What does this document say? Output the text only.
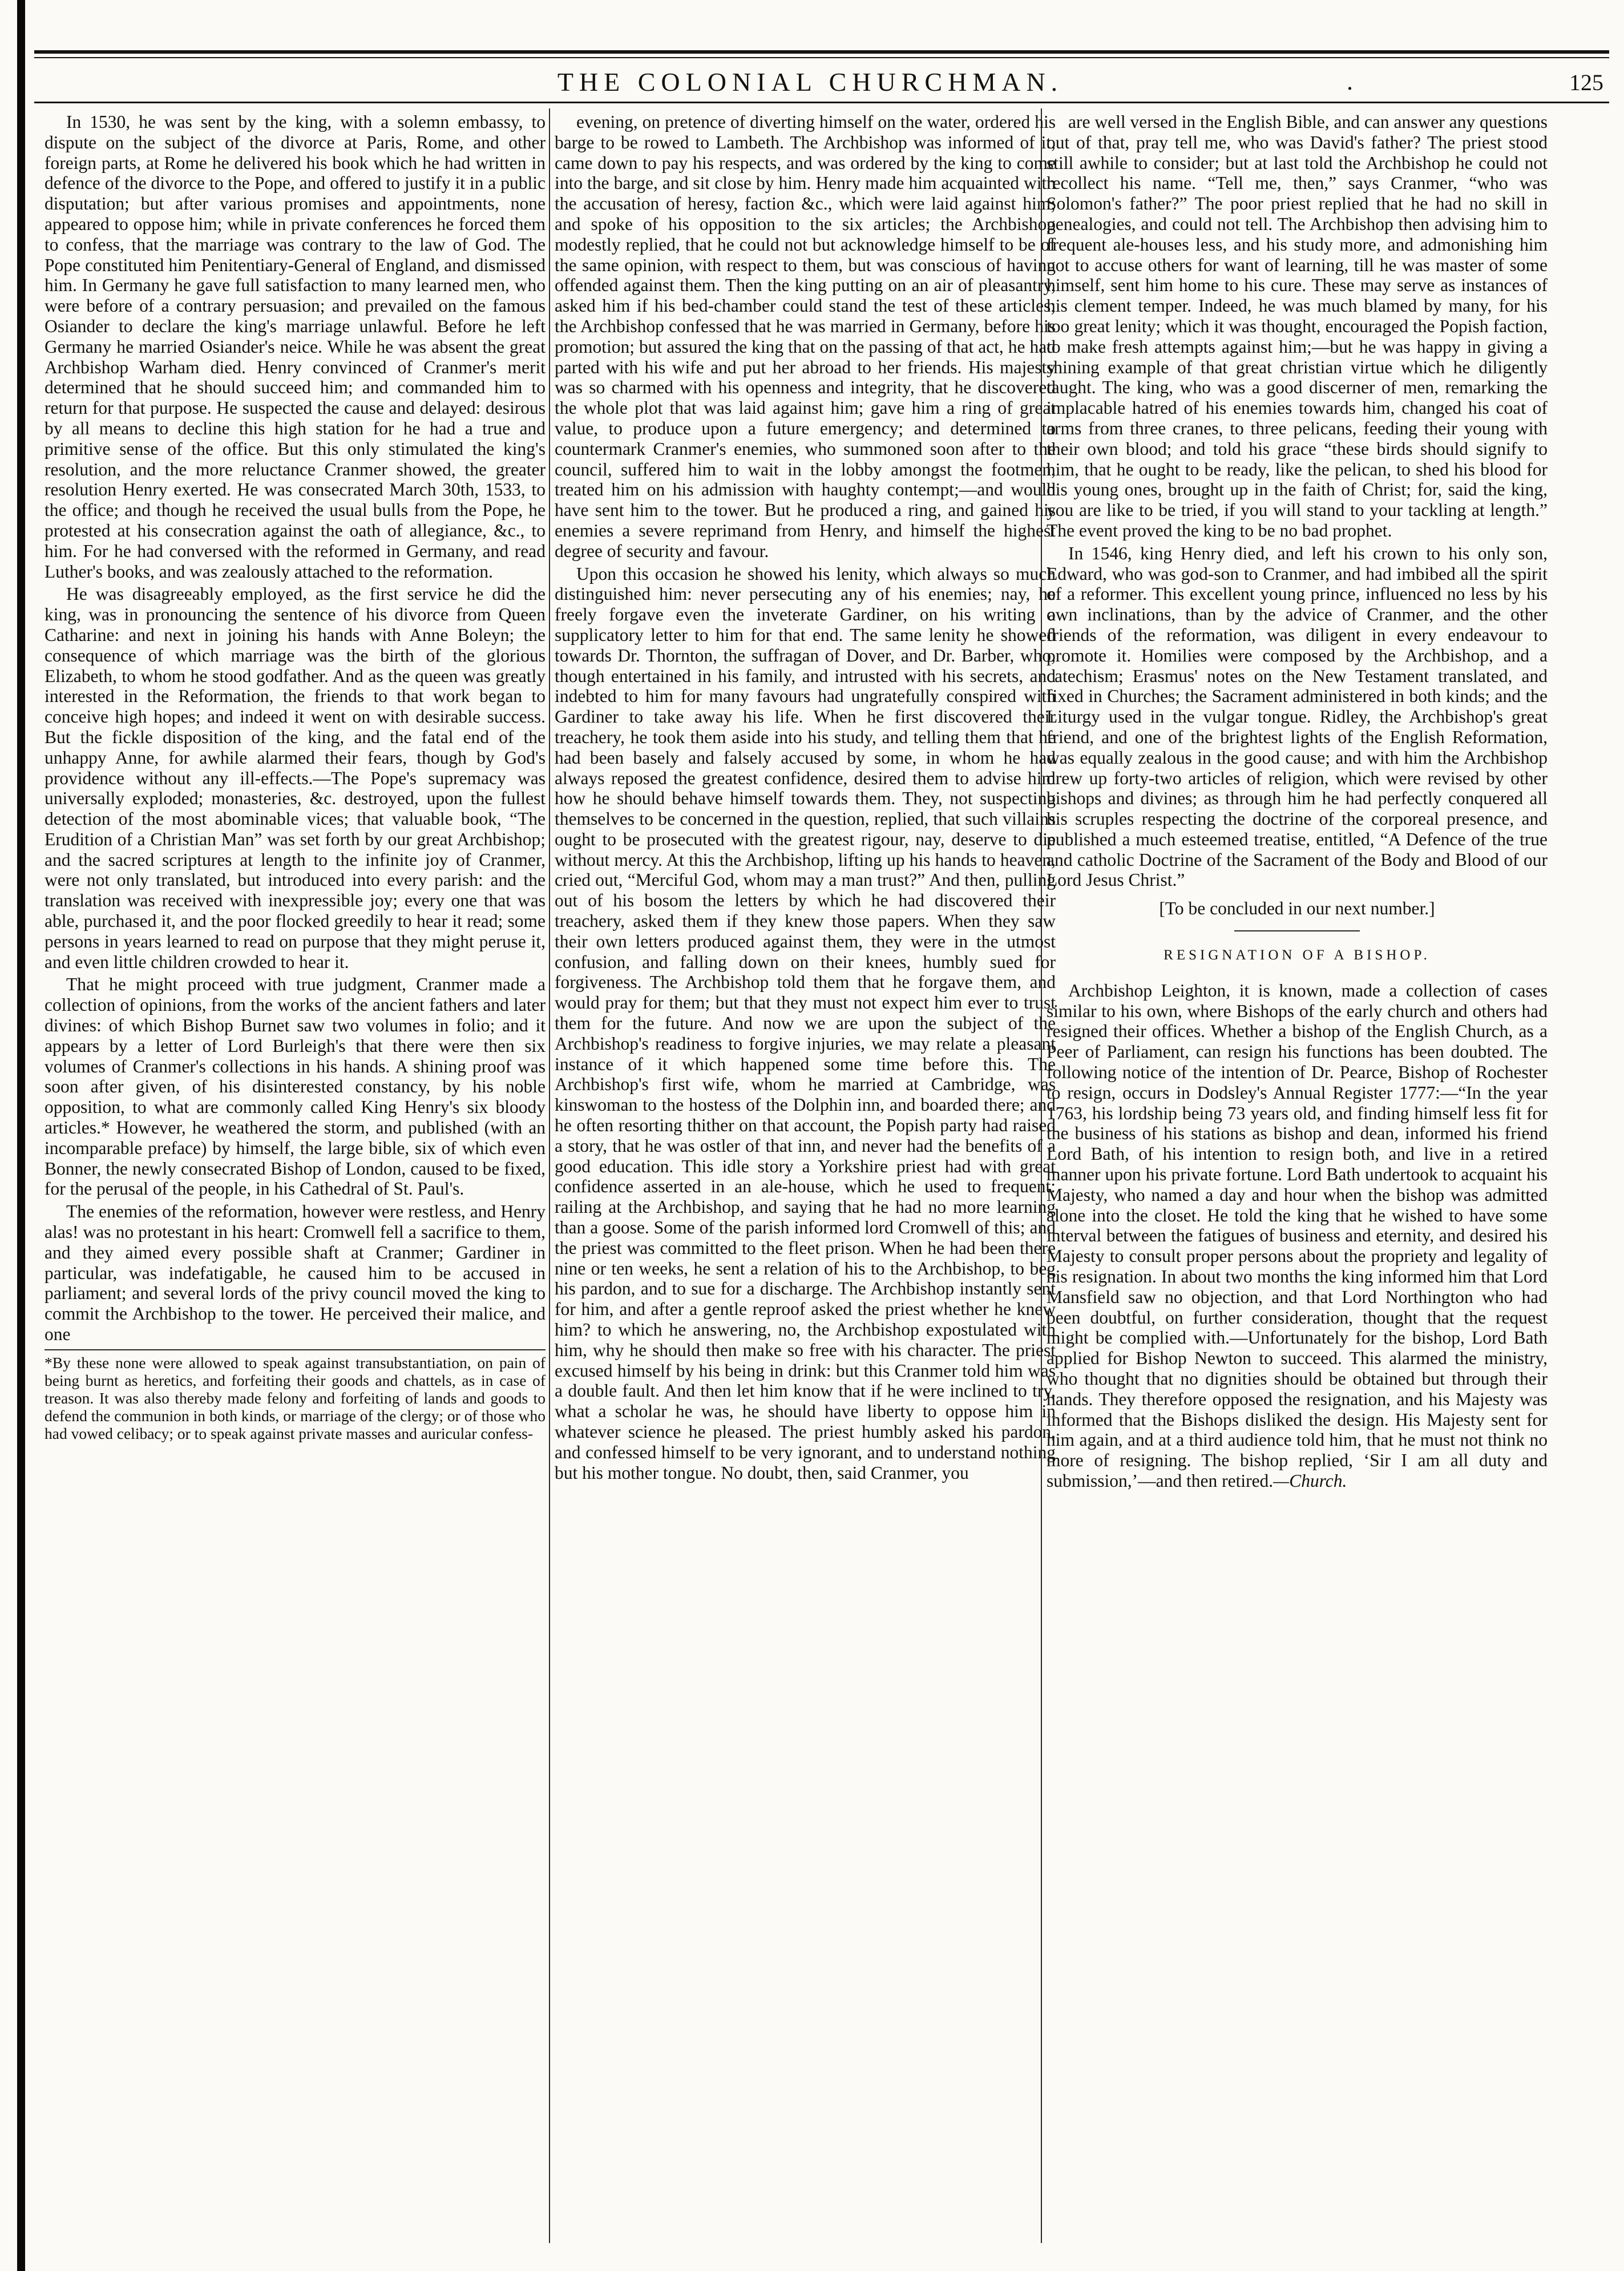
THE COLONIAL CHURCHMAN.	.	125

In 1530, he was sent by the king, with a solemn embassy, to dispute on the subject of the divorce at Paris, Rome, and other foreign parts, at Rome he delivered his book which he had written in defence of the divorce to the Pope, and offered to justify it in a public disputation; but after various promises and appointments, none appeared to oppose him; while in private conferences he forced them to confess, that the marriage was contrary to the law of God. The Pope constituted him Penitentiary-General of England, and dismissed him. In Germany he gave full satisfaction to many learned men, who were before of a contrary persuasion; and prevailed on the famous Osiander to declare the king's marriage unlawful. Before he left Germany he married Osiander's neice. While he was absent the great Archbishop Warham died. Henry convinced of Cranmer's merit determined that he should succeed him; and commanded him to return for that purpose. He suspected the cause and delayed: desirous by all means to decline this high station for he had a true and primitive sense of the office. But this only stimulated the king's resolution, and the more reluctance Cranmer showed, the greater resolution Henry exerted. He was consecrated March 30th, 1533, to the office; and though he received the usual bulls from the Pope, he protested at his consecration against the oath of allegiance, &c., to him. For he had conversed with the reformed in Germany, and read Luther's books, and was zealously attached to the reformation.

He was disagreeably employed, as the first service he did the king, was in pronouncing the sentence of his divorce from Queen Catharine: and next in joining his hands with Anne Boleyn; the consequence of which marriage was the birth of the glorious Elizabeth, to whom he stood godfather. And as the queen was greatly interested in the Reformation, the friends to that work began to conceive high hopes; and indeed it went on with desirable success. But the fickle disposition of the king, and the fatal end of the unhappy Anne, for awhile alarmed their fears, though by God's providence without any ill-effects.—The Pope's supremacy was universally exploded; monasteries, &c. destroyed, upon the fullest detection of the most abominable vices; that valuable book, “The Erudition of a Christian Man” was set forth by our great Archbishop; and the sacred scriptures at length to the infinite joy of Cranmer, were not only translated, but introduced into every parish: and the translation was received with inexpressible joy; every one that was able, purchased it, and the poor flocked greedily to hear it read; some persons in years learned to read on purpose that they might peruse it, and even little children crowded to hear it.

That he might proceed with true judgment, Cranmer made a collection of opinions, from the works of the ancient fathers and later divines: of which Bishop Burnet saw two volumes in folio; and it appears by a letter of Lord Burleigh's that there were then six volumes of Cranmer's collections in his hands. A shining proof was soon after given, of his disinterested constancy, by his noble opposition, to what are commonly called King Henry's six bloody articles.* However, he weathered the storm, and published (with an incomparable preface) by himself, the large bible, six of which even Bonner, the newly consecrated Bishop of London, caused to be fixed, for the perusal of the people, in his Cathedral of St. Paul's.

The enemies of the reformation, however were restless, and Henry alas! was no protestant in his heart: Cromwell fell a sacrifice to them, and they aimed every possible shaft at Cranmer; Gardiner in particular, was indefatigable, he caused him to be accused in parliament; and several lords of the privy council moved the king to commit the Archbishop to the tower. He perceived their malice, and one

*By these none were allowed to speak against transubstantiation, on pain of being burnt as heretics, and forfeiting their goods and chattels, as in case of treason. It was also thereby made felony and forfeiting of lands and goods to defend the communion in both kinds, or marriage of the clergy; or of those who had vowed celibacy; or to speak against private masses and auricular confess-

evening, on pretence of diverting himself on the water, ordered his barge to be rowed to Lambeth. The Archbishop was informed of it, came down to pay his respects, and was ordered by the king to come into the barge, and sit close by him. Henry made him acquainted with the accusation of heresy, faction &c., which were laid against him; and spoke of his opposition to the six articles; the Archbishop modestly replied, that he could not but acknowledge himself to be of the same opinion, with respect to them, but was conscious of having offended against them. Then the king putting on an air of pleasantry, asked him if his bed-chamber could stand the test of these articles; the Archbishop confessed that he was married in Germany, before his promotion; but assured the king that on the passing of that act, he had parted with his wife and put her abroad to her friends. His majesty was so charmed with his openness and integrity, that he discovered the whole plot that was laid against him; gave him a ring of great value, to produce upon a future emergency; and determined to countermark Cranmer's enemies, who summoned soon after to the council, suffered him to wait in the lobby amongst the footmen, treated him on his admission with haughty contempt;—and would have sent him to the tower. But he produced a ring, and gained his enemies a severe reprimand from Henry, and himself the highest degree of security and favour.

Upon this occasion he showed his lenity, which always so much distinguished him: never persecuting any of his enemies; nay, he freely forgave even the inveterate Gardiner, on his writing a supplicatory letter to him for that end. The same lenity he showed towards Dr. Thornton, the suffragan of Dover, and Dr. Barber, who, though entertained in his family, and intrusted with his secrets, and indebted to him for many favours had ungratefully conspired with Gardiner to take away his life. When he first discovered their treachery, he took them aside into his study, and telling them that he had been basely and falsely accused by some, in whom he had always reposed the greatest confidence, desired them to advise him how he should behave himself towards them. They, not suspecting themselves to be concerned in the question, replied, that such villains ought to be prosecuted with the greatest rigour, nay, deserve to die without mercy. At this the Archbishop, lifting up his hands to heaven, cried out, “Merciful God, whom may a man trust?” And then, pulling out of his bosom the letters by which he had discovered their treachery, asked them if they knew those papers. When they saw their own letters produced against them, they were in the utmost confusion, and falling down on their knees, humbly sued for forgiveness. The Archbishop told them that he forgave them, and would pray for them; but that they must not expect him ever to trust them for the future. And now we are upon the subject of the Archbishop's readiness to forgive injuries, we may relate a pleasant instance of it which happened some time before this. The Archbishop's first wife, whom he married at Cambridge, was kinswoman to the hostess of the Dolphin inn, and boarded there; and he often resorting thither on that account, the Popish party had raised a story, that he was ostler of that inn, and never had the benefits of a good education. This idle story a Yorkshire priest had with great confidence asserted in an ale-house, which he used to frequent: railing at the Archbishop, and saying that he had no more learning than a goose. Some of the parish informed lord Cromwell of this; and the priest was committed to the fleet prison. When he had been there nine or ten weeks, he sent a relation of his to the Archbishop, to beg his pardon, and to sue for a discharge. The Archbishop instantly sent for him, and after a gentle reproof asked the priest whether he knew him? to which he answering, no, the Archbishop expostulated with him, why he should then make so free with his character. The priest excused himself by his being in drink: but this Cranmer told him was a double fault. And then let him know that if he were inclined to try, what a scholar he was, he should have liberty to oppose him in whatever science he pleased. The priest humbly asked his pardon, and confessed himself to be very ignorant, and to understand nothing but his mother tongue. No doubt, then, said Cranmer, you

are well versed in the English Bible, and can answer any questions out of that, pray tell me, who was David's father? The priest stood still awhile to consider; but at last told the Archbishop he could not recollect his name. “Tell me, then,” says Cranmer, “who was Solomon's father?” The poor priest replied that he had no skill in genealogies, and could not tell. The Archbishop then advising him to frequent ale-houses less, and his study more, and admonishing him not to accuse others for want of learning, till he was master of some himself, sent him home to his cure. These may serve as instances of his clement temper. Indeed, he was much blamed by many, for his too great lenity; which it was thought, encouraged the Popish faction, to make fresh attempts against him;—but he was happy in giving a shining example of that great christian virtue which he diligently taught. The king, who was a good discerner of men, remarking the implacable hatred of his enemies towards him, changed his coat of arms from three cranes, to three pelicans, feeding their young with their own blood; and told his grace “these birds should signify to him, that he ought to be ready, like the pelican, to shed his blood for his young ones, brought up in the faith of Christ; for, said the king, you are like to be tried, if you will stand to your tackling at length.” The event proved the king to be no bad prophet.

In 1546, king Henry died, and left his crown to his only son, Edward, who was god-son to Cranmer, and had imbibed all the spirit of a reformer. This excellent young prince, influenced no less by his own inclinations, than by the advice of Cranmer, and the other friends of the reformation, was diligent in every endeavour to promote it. Homilies were composed by the Archbishop, and a catechism; Erasmus' notes on the New Testament translated, and fixed in Churches; the Sacrament administered in both kinds; and the Liturgy used in the vulgar tongue. Ridley, the Archbishop's great friend, and one of the brightest lights of the English Reformation, was equally zealous in the good cause; and with him the Archbishop drew up forty-two articles of religion, which were revised by other bishops and divines; as through him he had perfectly conquered all his scruples respecting the doctrine of the corporeal presence, and published a much esteemed treatise, entitled, “A Defence of the true and catholic Doctrine of the Sacrament of the Body and Blood of our Lord Jesus Christ.”

[To be concluded in our next number.]

RESIGNATION OF A BISHOP.

Archbishop Leighton, it is known, made a collection of cases similar to his own, where Bishops of the early church and others had resigned their offices. Whether a bishop of the English Church, as a Peer of Parliament, can resign his functions has been doubted. The following notice of the intention of Dr. Pearce, Bishop of Rochester to resign, occurs in Dodsley's Annual Register 1777:—“In the year 1763, his lordship being 73 years old, and finding himself less fit for the business of his stations as bishop and dean, informed his friend Lord Bath, of his intention to resign both, and live in a retired manner upon his private fortune. Lord Bath undertook to acquaint his Majesty, who named a day and hour when the bishop was admitted alone into the closet. He told the king that he wished to have some interval between the fatigues of business and eternity, and desired his Majesty to consult proper persons about the propriety and legality of his resignation. In about two months the king informed him that Lord Mansfield saw no objection, and that Lord Northington who had been doubtful, on further consideration, thought that the request might be complied with.—Unfortunately for the bishop, Lord Bath applied for Bishop Newton to succeed. This alarmed the ministry, who thought that no dignities should be obtained but through their hands. They therefore opposed the resignation, and his Majesty was informed that the Bishops disliked the design. His Majesty sent for him again, and at a third audience told him, that he must not think no more of resigning. The bishop replied, ‘Sir I am all duty and submission,’—and then retired.—Church.
